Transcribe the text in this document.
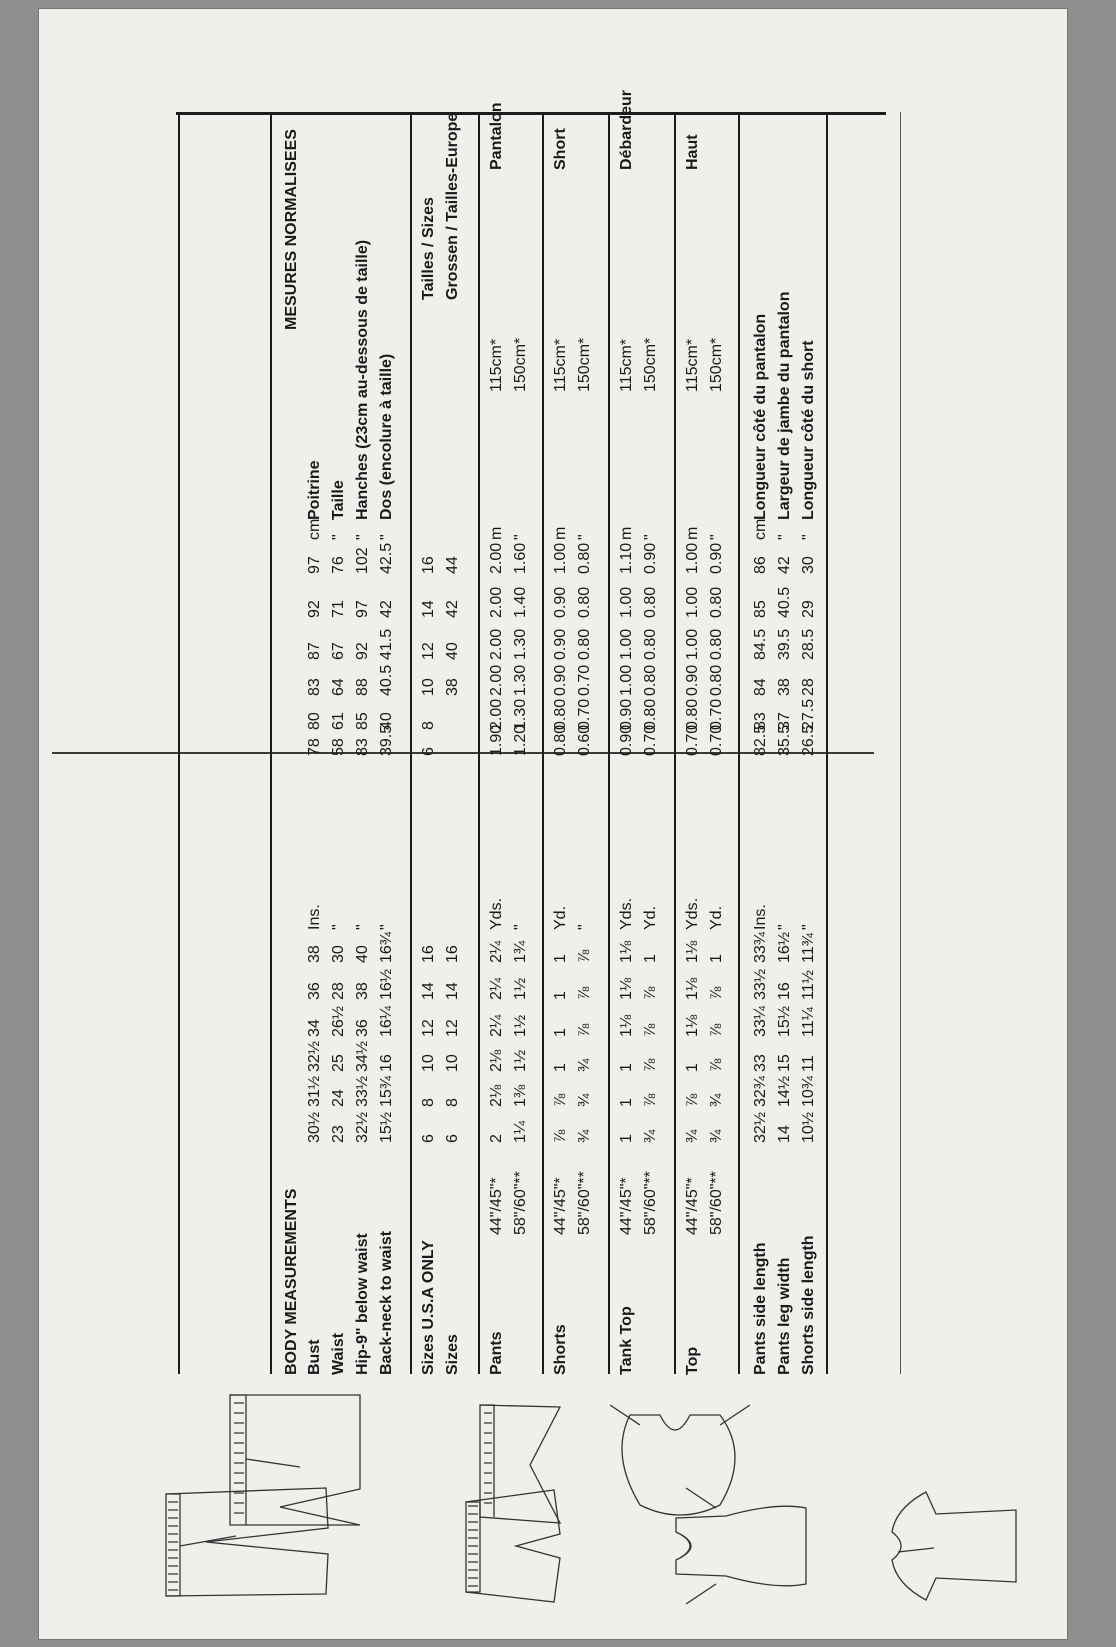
BODY MEASUREMENTS
MESURES NORMALISEES
Bust
30½
31½
32½
34
36
38
Ins.
78
80
83
87
92
97
cm
Poitrine
Waist
23
24
25
26½
28
30
"
58
61
64
67
71
76
"
Taille
Hip-9" below waist
32½
33½
34½
36
38
40
"
83
85
88
92
97
102
"
Hanches (23cm au-dessous de taille)
Back-neck to waist
15½
15¾
16
16¼
16½
16¾
"
39.5
40
40.5
41.5
42
42.5
"
Dos (encolure à taille)
Sizes U.S.A ONLY Sizes
6
8
10
12
14
16
6
8
10
12
14
16
6
8
10
12
14
16
38
40
42
44
Tailles / Sizes Grossen / Tailles-Europe
Pants
44"/45"* 58"/60"**
2
2⅛
2⅛
2¼
2¼
2¼
Yds.
1¼
1⅜
1½
1½
1½
1¾
"
115cm* 150cm*
1.90
2.00
2.00
2.00
2.00
2.00
m
1.20
1.30
1.30
1.30
1.40
1.60
"
Pantalon
Shorts
44"/45"* 58"/60"**
⅞
⅞
1
1
1
1
Yd.
¾
¾
¾
⅞
⅞
⅞
"
115cm* 150cm*
0.80
0.80
0.90
0.90
0.90
1.00
m
0.60
0.70
0.70
0.80
0.80
0.80
"
Short
Tank Top
44"/45"* 58"/60"**
1
1
1
1⅛
1⅛
1⅛
Yds.
¾
⅞
⅞
⅞
⅞
1
Yd.
115cm* 150cm*
0.90
0.90
1.00
1.00
1.00
1.10
m
0.70
0.80
0.80
0.80
0.80
0.90
"
Débardeur
Top
44"/45"* 58"/60"**
¾
⅞
1
1⅛
1⅛
1⅛
Yds.
¾
¾
⅞
⅞
⅞
1
Yd.
115cm* 150cm*
0.70
0.80
0.90
1.00
1.00
1.00
m
0.70
0.70
0.80
0.80
0.80
0.90
"
Haut
Pants side length
32½
32¾
33
33¼
33½
33¾
Ins.
82.5
83
84
84.5
85
86
cm
Longueur côté du pantalon
Pants leg width
14
14½
15
15½
16
16½
"
35.5
37
38
39.5
40.5
42
"
Largeur de jambe du pantalon
Shorts side length
10½
10¾
11
11¼
11½
11¾
"
26.5
27.5
28
28.5
29
30
"
Longueur côté du short
